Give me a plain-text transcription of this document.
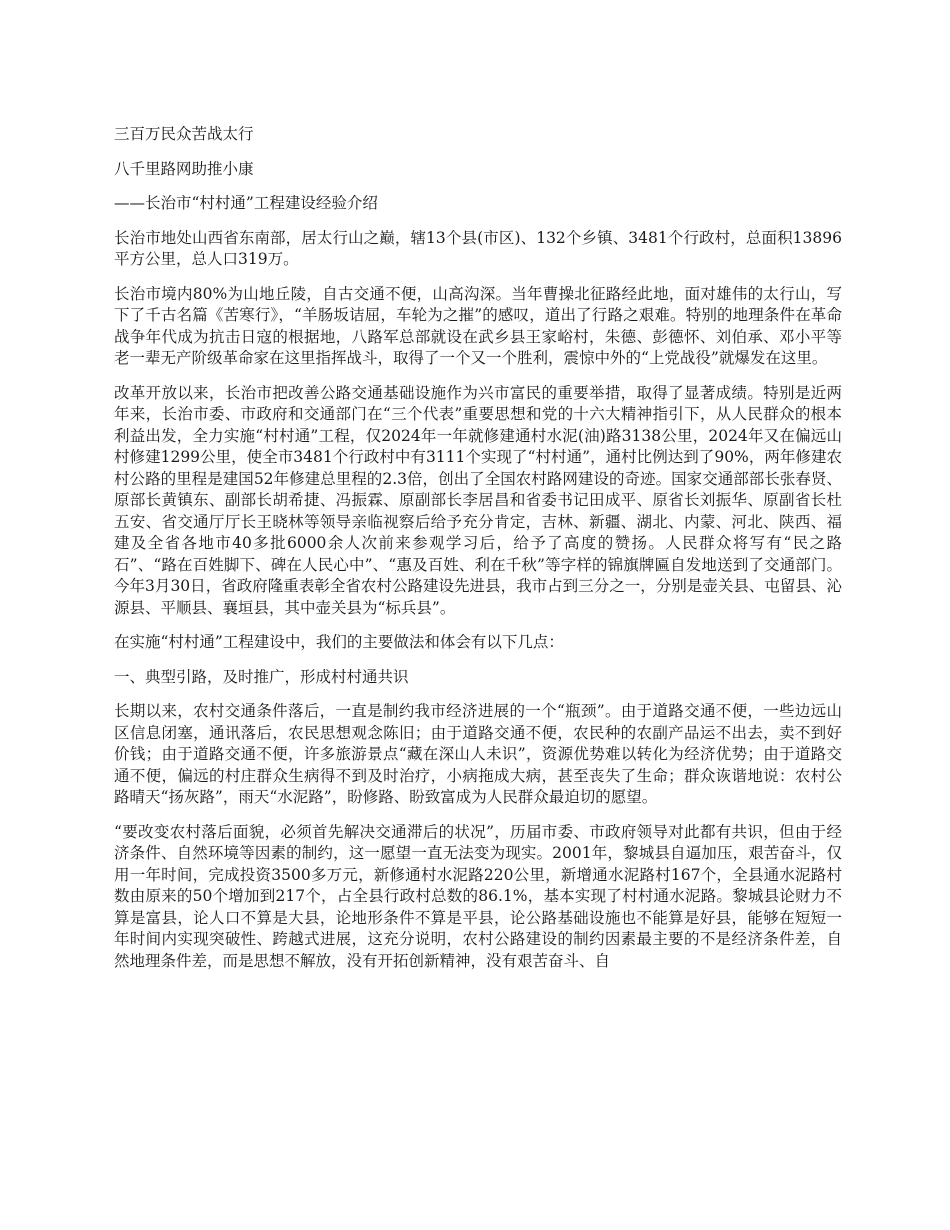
三百万民众苦战太行

八千里路网助推小康

——长治市“村村通”工程建设经验介绍

长治市地处山西省东南部，居太行山之巅，辖13个县(市区)、132个乡镇、3481个行政村，总面积13896平方公里，总人口319万。

长治市境内80%为山地丘陵，自古交通不便，山高沟深。当年曹操北征路经此地，面对雄伟的太行山，写下了千古名篇《苦寒行》，“羊肠坂诘屈，车轮为之摧”的感叹，道出了行路之艰难。特别的地理条件在革命战争年代成为抗击日寇的根据地，八路军总部就设在武乡县王家峪村，朱德、彭德怀、刘伯承、邓小平等老一辈无产阶级革命家在这里指挥战斗，取得了一个又一个胜利，震惊中外的“上党战役”就爆发在这里。

改革开放以来，长治市把改善公路交通基础设施作为兴市富民的重要举措，取得了显著成绩。特别是近两年来，长治市委、市政府和交通部门在“三个代表”重要思想和党的十六大精神指引下，从人民群众的根本利益出发，全力实施“村村通”工程，仅2024年一年就修建通村水泥(油)路3138公里，2024年又在偏远山村修建1299公里，使全市3481个行政村中有3111个实现了“村村通”，通村比例达到了90%，两年修建农村公路的里程是建国52年修建总里程的2.3倍，创出了全国农村路网建设的奇迹。国家交通部部长张春贤、原部长黄镇东、副部长胡希捷、冯振霖、原副部长李居昌和省委书记田成平、原省长刘振华、原副省长杜五安、省交通厅厅长王晓林等领导亲临视察后给予充分肯定，吉林、新疆、湖北、内蒙、河北、陕西、福建及全省各地市40多批6000余人次前来参观学习后，给予了高度的赞扬。人民群众将写有“民之路石”、“路在百姓脚下、碑在人民心中”、“惠及百姓、利在千秋”等字样的锦旗牌匾自发地送到了交通部门。今年3月30日，省政府隆重表彰全省农村公路建设先进县，我市占到三分之一，分别是壶关县、屯留县、沁源县、平顺县、襄垣县，其中壶关县为“标兵县”。

在实施“村村通”工程建设中，我们的主要做法和体会有以下几点：

一、典型引路，及时推广，形成村村通共识

长期以来，农村交通条件落后，一直是制约我市经济进展的一个“瓶颈”。由于道路交通不便，一些边远山区信息闭塞，通讯落后，农民思想观念陈旧；由于道路交通不便，农民种的农副产品运不出去，卖不到好价钱；由于道路交通不便，许多旅游景点“藏在深山人未识”，资源优势难以转化为经济优势；由于道路交通不便，偏远的村庄群众生病得不到及时治疗，小病拖成大病，甚至丧失了生命；群众诙谐地说：农村公路晴天“扬灰路”，雨天“水泥路”，盼修路、盼致富成为人民群众最迫切的愿望。

“要改变农村落后面貌，必须首先解决交通滞后的状况”，历届市委、市政府领导对此都有共识，但由于经济条件、自然环境等因素的制约，这一愿望一直无法变为现实。2001年，黎城县自逼加压，艰苦奋斗，仅用一年时间，完成投资3500多万元，新修通村水泥路220公里，新增通水泥路村167个，全县通水泥路村数由原来的50个增加到217个，占全县行政村总数的86.1%，基本实现了村村通水泥路。黎城县论财力不算是富县，论人口不算是大县，论地形条件不算是平县，论公路基础设施也不能算是好县，能够在短短一年时间内实现突破性、跨越式进展，这充分说明，农村公路建设的制约因素最主要的不是经济条件差，自然地理条件差，而是思想不解放，没有开拓创新精神，没有艰苦奋斗、自
